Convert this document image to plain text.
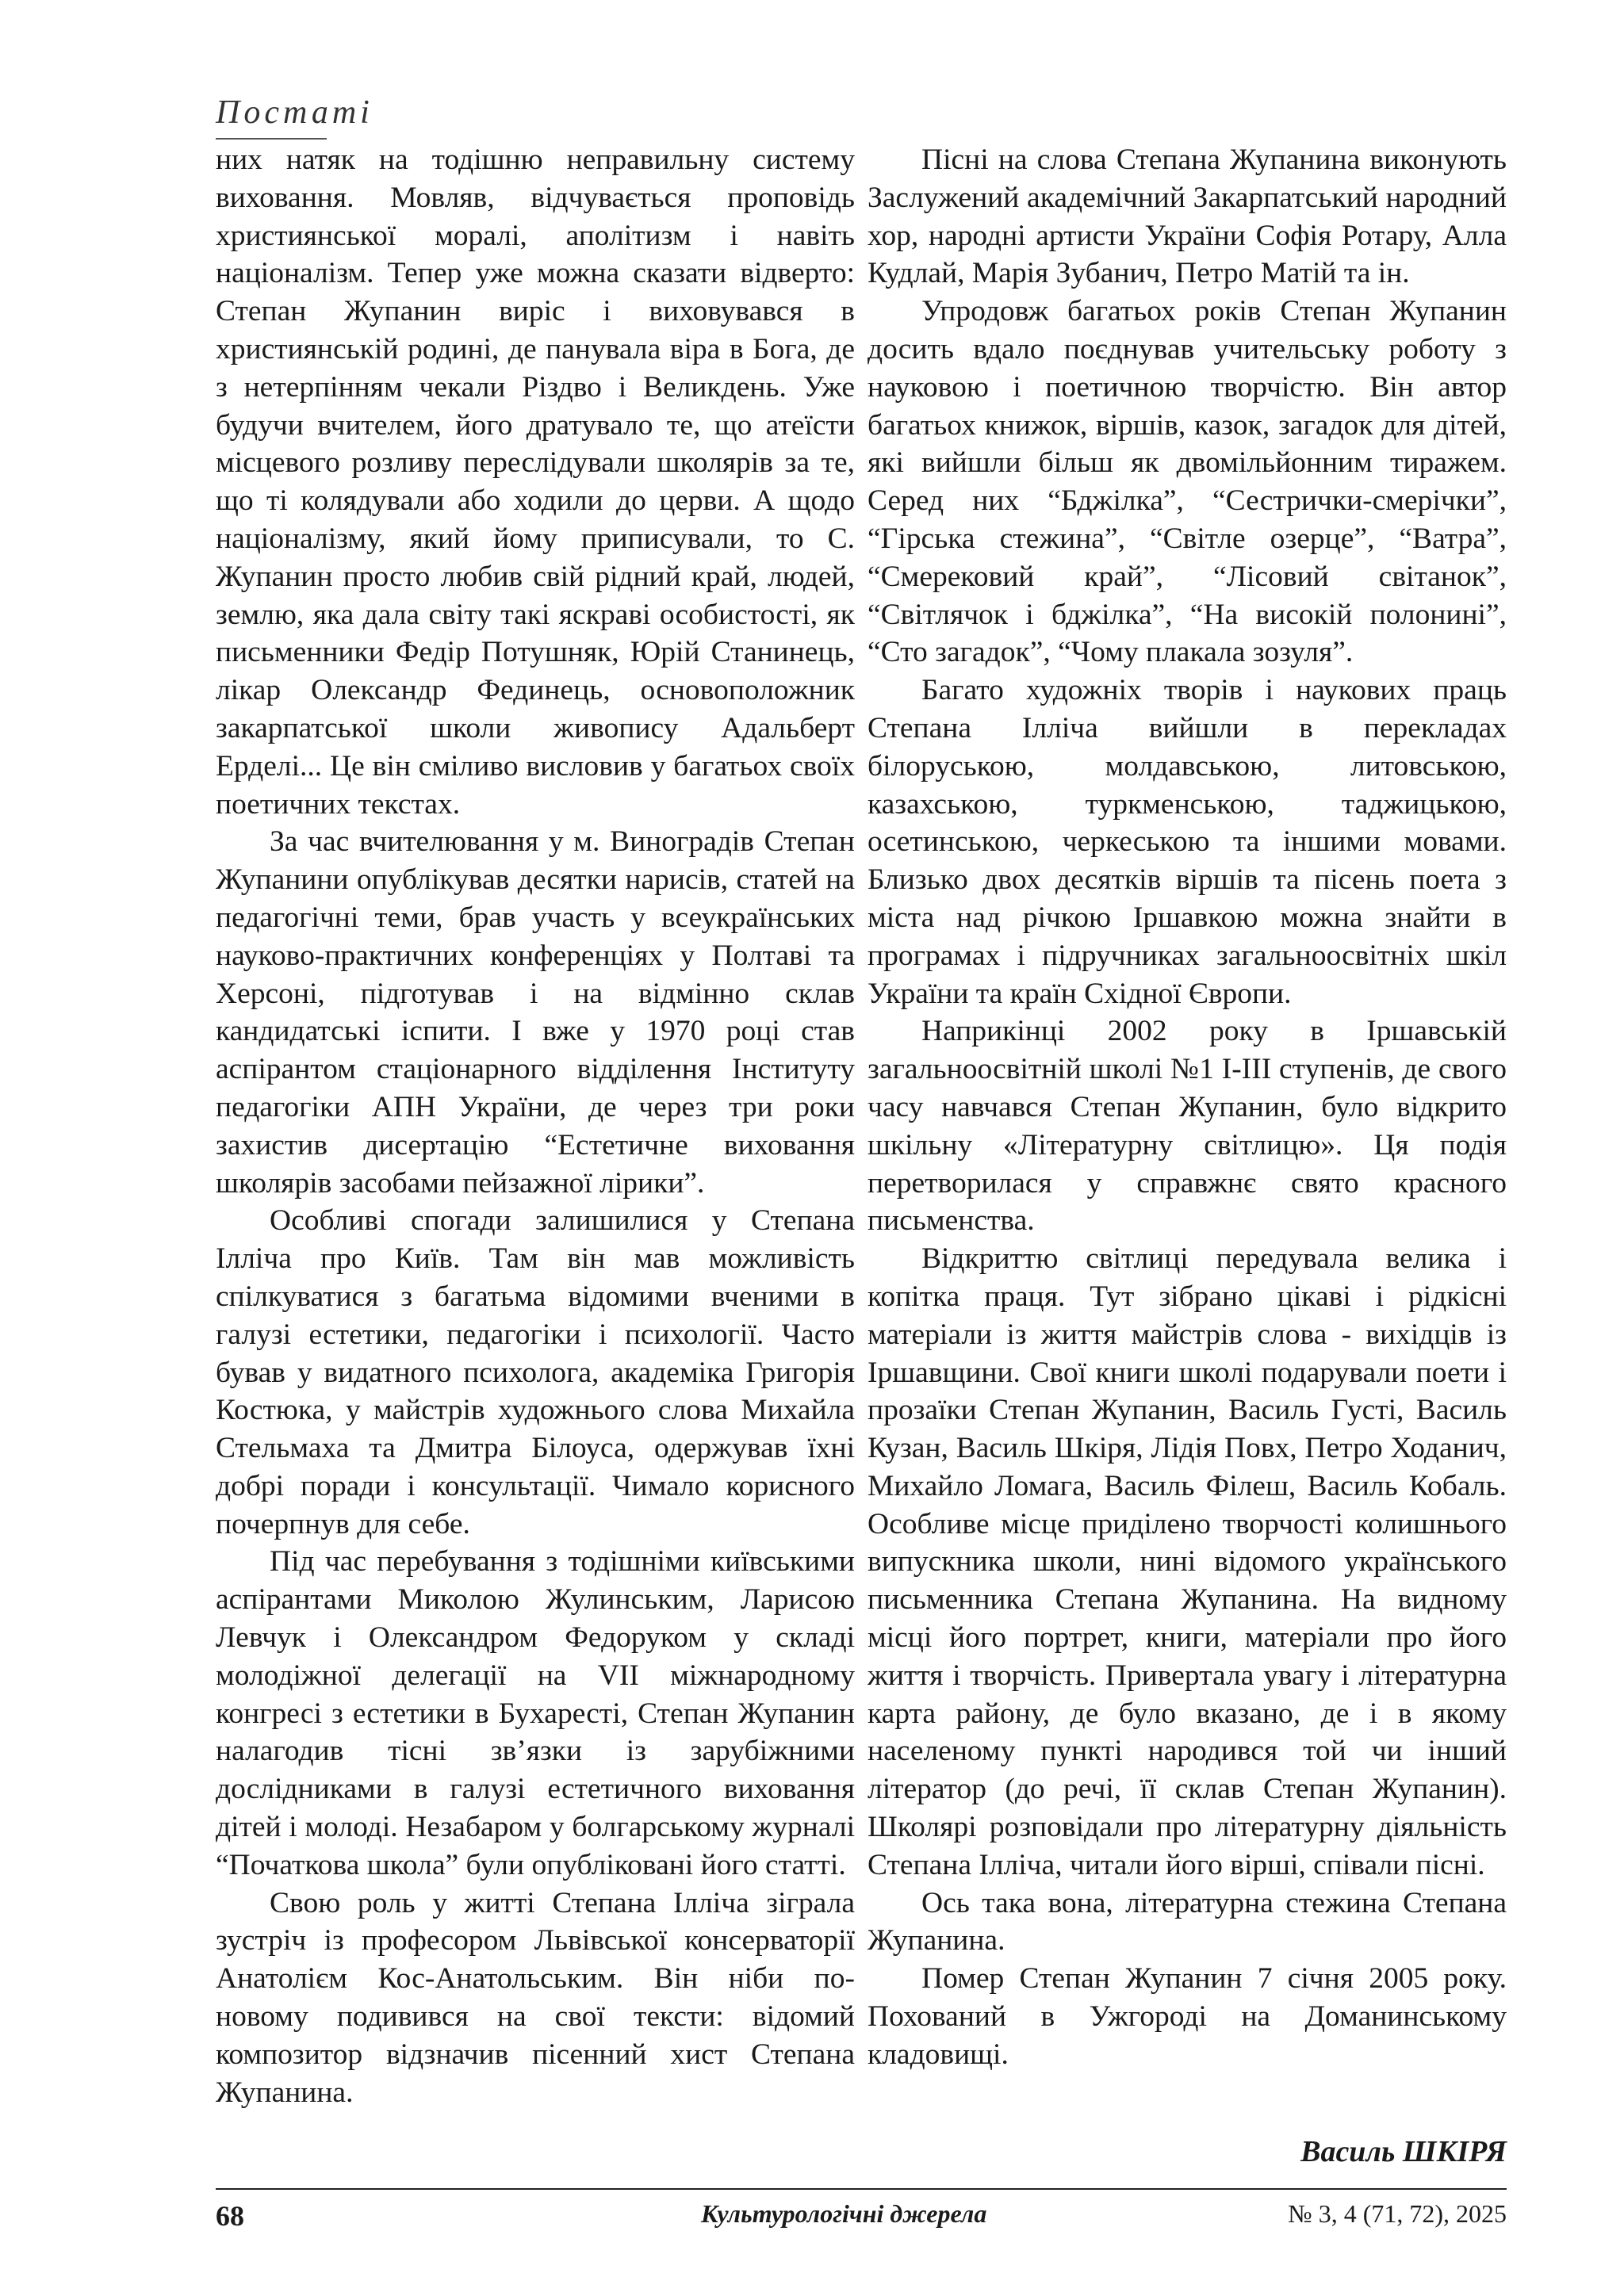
Постаті

них натяк на тодішню неправильну систему виховання. Мовляв, відчувається проповідь християнської моралі, аполітизм і навіть націоналізм. Тепер уже можна сказати відверто: Степан Жупанин виріс і виховувався в християнській родині, де панувала віра в Бога, де з нетерпінням чекали Різдво і Великдень. Уже будучи вчителем, його дратувало те, що атеїсти місцевого розливу переслідували школярів за те, що ті колядували або ходили до церви. А щодо націоналізму, який йому приписували, то С. Жупанин просто любив свій рідний край, людей, землю, яка дала світу такі яскраві особистості, як письменники Федір Потушняк, Юрій Станинець, лікар Олександр Фединець, основоположник закарпатської школи живопису Адальберт Ерделі... Це він сміливо висловив у багатьох своїх поетичних текстах.

За час вчителювання у м. Виноградів Степан Жупанини опублікував десятки нарисів, статей на педагогічні теми, брав участь у всеукраїнських науково-практичних конференціях у Полтаві та Херсоні, підготував і на відмінно склав кандидатські іспити. І вже у 1970 році став аспірантом стаціонарного відділення Інституту педагогіки АПН України, де через три роки захистив дисертацію “Естетичне виховання школярів засобами пейзажної лірики”.

Особливі спогади залишилися у Степана Ілліча про Київ. Там він мав можливість спілкуватися з багатьма відомими вченими в галузі естетики, педагогіки і психології. Часто бував у видатного психолога, академіка Григорія Костюка, у майстрів художнього слова Михайла Стельмаха та Дмитра Білоуса, одержував їхні добрі поради і консультації. Чимало корисного почерпнув для себе.

Під час перебування з тодішніми київськими аспірантами Миколою Жулинським, Ларисою Левчук і Олександром Федоруком у складі молодіжної делегації на VII міжнародному конгресі з естетики в Бухаресті, Степан Жупанин налагодив тісні зв’язки із зарубіжними дослідниками в галузі естетичного виховання дітей і молоді. Незабаром у болгарському журналі “Початкова школа” були опубліковані його статті.

Свою роль у житті Степана Ілліча зіграла зустріч із професором Львівської консерваторії Анатолієм Кос-Анатольським. Він ніби по-новому подивився на свої тексти: відомий композитор відзначив пісенний хист Степана Жупанина.

Пісні на слова Степана Жупанина виконують Заслужений академічний Закарпатський народний хор, народні артисти України Софія Ротару, Алла Кудлай, Марія Зубанич, Петро Матій та ін.

Упродовж багатьох років Степан Жупанин досить вдало поєднував учительську роботу з науковою і поетичною творчістю. Він автор багатьох книжок, віршів, казок, загадок для дітей, які вийшли більш як двомільйонним тиражем. Серед них “Бджілка”, “Сестрички-смерічки”, “Гірська стежина”, “Світле озерце”, “Ватра”, “Смерековий край”, “Лісовий світанок”, “Світлячок і бджілка”, “На високій полонині”, “Сто загадок”, “Чому плакала зозуля”.

Багато художніх творів і наукових праць Степана Ілліча вийшли в перекладах білоруською, молдавською, литовською, казахською, туркменською, таджицькою, осетинською, черкеською та іншими мовами. Близько двох десятків віршів та пісень поета з міста над річкою Іршавкою можна знайти в програмах і підручниках загальноосвітніх шкіл України та країн Східної Європи.

Наприкінці 2002 року в Іршавській загальноосвітній школі №1 І-ІІІ ступенів, де свого часу навчався Степан Жупанин, було відкрито шкільну «Літературну світлицю». Ця подія перетворилася у справжнє свято красного письменства.

Відкриттю світлиці передувала велика і копітка праця. Тут зібрано цікаві і рідкісні матеріали із життя майстрів слова - вихідців із Іршавщини. Свої книги школі подарували поети і прозаїки Степан Жупанин, Василь Густі, Василь Кузан, Василь Шкіря, Лідія Повх, Петро Ходанич, Михайло Ломага, Василь Філеш, Василь Кобаль. Особливе місце приділено творчості колишнього випускника школи, нині відомого українського письменника Степана Жупанина. На видному місці його портрет, книги, матеріали про його життя і творчість. Привертала увагу і літературна карта району, де було вказано, де і в якому населеному пункті народився той чи інший літератор (до речі, її склав Степан Жупанин). Школярі розповідали про літературну діяльність Степана Ілліча, читали його вірші, співали пісні.

Ось така вона, літературна стежина Степана Жупанина.

Помер Степан Жупанин 7 січня 2005 року. Похований в Ужгороді на Доманинському кладовищі.

Василь ШКІРЯ
68	Культурологічні джерела	№ 3, 4 (71, 72), 2025
